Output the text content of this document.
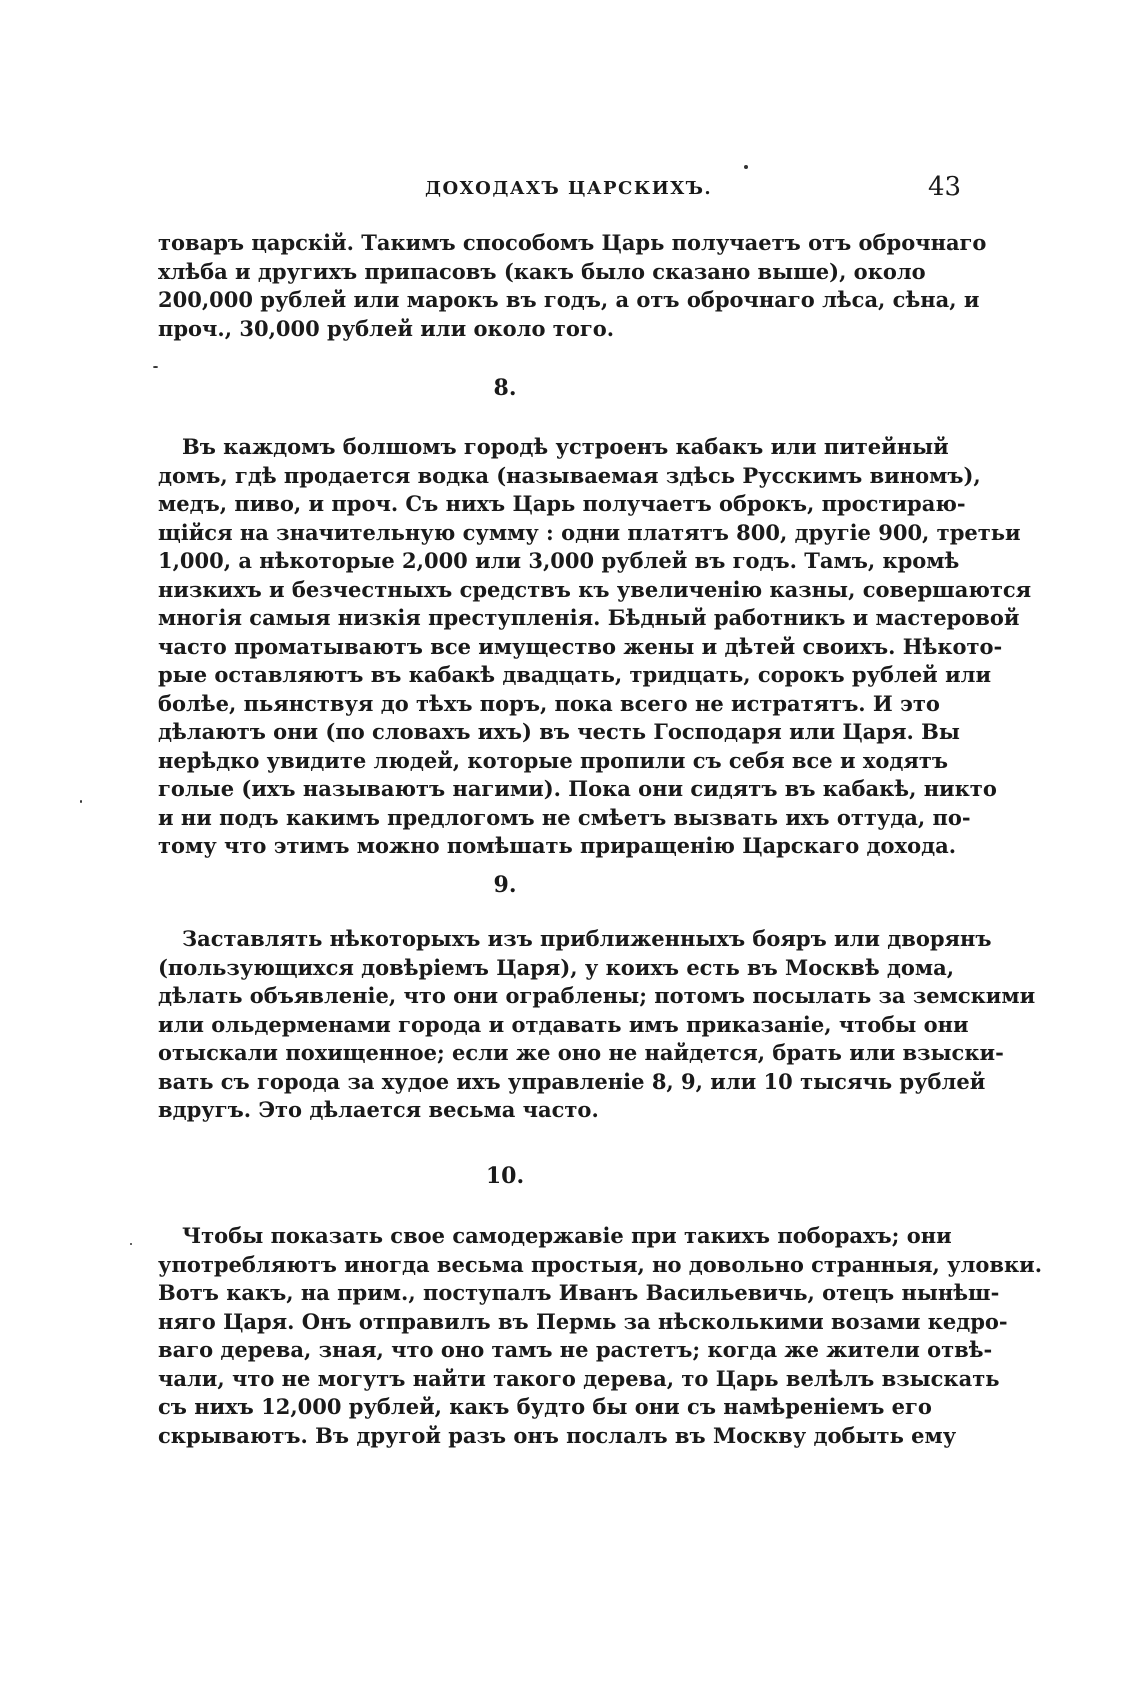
ДОХОДАХЪ ЦАРСКИХЪ.	43
товаръ царскій. Такимъ способомъ Царь получаетъ отъ оброчнаго
хлѣба и другихъ припасовъ (какъ было сказано выше), около
200,000 рублей или марокъ въ годъ, а отъ оброчнаго лѣса, сѣна, и
проч., 30,000 рублей или около того.
8.
Въ каждомъ болшомъ городѣ устроенъ кабакъ или питейный
домъ, гдѣ продается водка (называемая здѣсь Русскимъ виномъ),
медъ, пиво, и проч. Съ нихъ Царь получаетъ оброкъ, простираю-
щійся на значительную сумму : одни платятъ 800, другіе 900, третьи
1,000, а нѣкоторые 2,000 или 3,000 рублей въ годъ. Тамъ, кромѣ
низкихъ и безчестныхъ средствъ къ увеличенію казны, совершаются
многія самыя низкія преступленія. Бѣдный работникъ и мастеровой
часто проматываютъ все имущество жены и дѣтей своихъ. Нѣкото-
рые оставляютъ въ кабакѣ двадцать, тридцать, сорокъ рублей или
болѣе, пьянствуя до тѣхъ поръ, пока всего не истратятъ. И это
дѣлаютъ они (по словахъ ихъ) въ честь Господаря или Царя. Вы
нерѣдко увидите людей, которые пропили съ себя все и ходятъ
голые (ихъ называютъ нагими). Пока они сидятъ въ кабакѣ, никто
и ни подъ какимъ предлогомъ не смѣетъ вызвать ихъ оттуда, по-
тому что этимъ можно помѣшать приращенію Царскаго дохода.
9.
Заставлять нѣкоторыхъ изъ приближенныхъ бояръ или дворянъ
(пользующихся довѣріемъ Царя), у коихъ есть въ Москвѣ дома,
дѣлать объявленіе, что они ограблены; потомъ посылать за земскими
или ольдерменами города и отдавать имъ приказаніе, чтобы они
отыскали похищенное; если же оно не найдется, брать или взыски-
вать съ города за худое ихъ управленіе 8, 9, или 10 тысячь рублей
вдругъ. Это дѣлается весьма часто.
10.
Чтобы показать свое самодержавіе при такихъ поборахъ; они
употребляютъ иногда весьма простыя, но довольно странныя, уловки.
Вотъ какъ, на прим., поступалъ Иванъ Васильевичь, отецъ нынѣш-
няго Царя. Онъ отправилъ въ Пермь за нѣсколькими возами кедро-
ваго дерева, зная, что оно тамъ не растетъ; когда же жители отвѣ-
чали, что не могутъ найти такого дерева, то Царь велѣлъ взыскать
съ нихъ 12,000 рублей, какъ будто бы они съ намѣреніемъ его
скрываютъ. Въ другой разъ онъ послалъ въ Москву добыть ему
